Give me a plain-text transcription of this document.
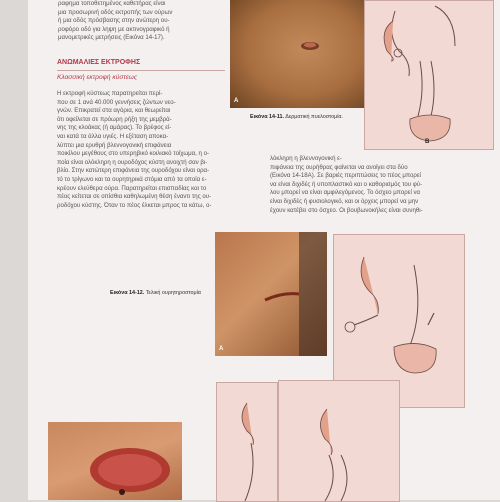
ραφημα τοποθετημένος καθετήρας είναι
μια προσωρινή οδός εκτροπής των ούρων
ή μια οδός πρόσβασης στην ανώτερη ου-
ροφόρο οδό για ληψη με ακτινογραφικό ή
μανομετρικές μετρήσεις (Εικόνα 14-17).
ΑΝΩΜΑΛΙΕΣ ΕΚΤΡΟΦΗΣ
Κλασσική εκτροφή κύστεως
Η εκτροφή κύστεως παρατηρείται περί-
που σε 1 ανά 40.000 γεννήσεις ζώντων νεο-
γνών. Επικρατεί στα αγόρια, και θεωρείται
ότι οφείλεται σε πρόωρη ρήξη της μεμβρά-
νης της κλοάκας (ή αμάρας). Το βρέφος εί-
ναι κατά τα άλλα υγιές. Η εξέταση αποκα-
λύπτει μια ερυθρή βλεννογονική επιφάνεια
ποικίλου μεγέθους στο υπερηβικό κοιλιακό τοίχωμα, η ο-
ποία είναι ολόκληρη η ουροδόχος κύστη ανοιχτή σαν βι-
βλίο. Στην κατώτερη επιφάνεια της ουροδόχου είναι ορα-
τό το τρίγωνο και τα ουρητηρικά στόμια από τα οποία ε-
κρέουν ελεύθερα ούρα. Παρατηρείται επισπαδίας και το
πέος κείτεται σε οπίσθια καθηλωμένη θέση έναντι της ου-
ροδόχου κύστης. Όταν το πέος έλκεται μπρος τα κάτω, ο-
λόκληρη η βλεννογονική ε-
πιφάνεια της ουρήθρας φαίνεται να ανοίγει στα δύο
(Εικόνα 14-18Α). Σε βαριές περιπτώσεις το πέος μπορεί
να είναι διχιδές ή υποπλαστικό και ο καθορισμός του φύ-
λου μπορεί να είναι αμφιλεγόμενος. Το όσχεο μπορεί να
είναι διχιδές ή φυσιολογικό, και οι όρχεις μπορεί να μην
έχουν κατέβει στο όσχεο. Οι βουβωνοκήλες είναι συνηθι-
A
B
Εικόνα 14-11. Δερματική πυελοστομία.
Εικόνα 14-12. Τελική ουρητηροστομία
A
